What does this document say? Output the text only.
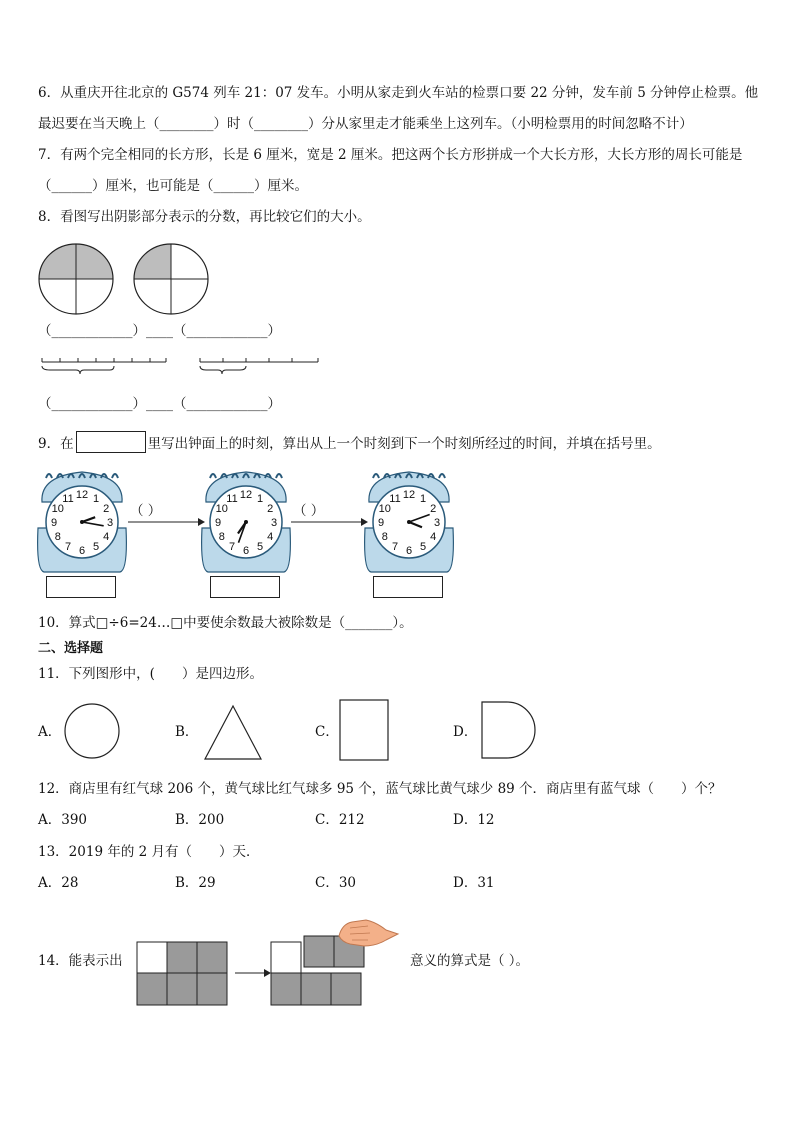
6．从重庆开往北京的 G574 列车 21：07 发车。小明从家走到火车站的检票口要 22 分钟，发车前 5 分钟停止检票。他
最迟要在当天晚上（________）时（________）分从家里走才能乘坐上这列车。（小明检票用的时间忽略不计）
7．有两个完全相同的长方形，长是 6 厘米，宽是 2 厘米。把这两个长方形拼成一个大长方形，大长方形的周长可能是
（______）厘米，也可能是（______）厘米。
8．看图写出阴影部分表示的分数，再比较它们的大小。
（____________）____（____________）
（____________）____（____________）
9．在	里写出钟面上的时刻，算出从上一个时刻到下一个时刻所经过的时间，并填在括号里。
12 1
2
3
4
5
6
7
8
9
10
11	12 1
2
3
4
5
6
7
8
9
10
11	12 1
2
3
4
5
6
7
8
9
10
11
（ ）	（ ）
10．算式□÷6=24…□中要使余数最大被除数是（_______）。
二、选择题
11．下列图形中，(　　）是四边形。
A．	B．	C．	D．
12．商店里有红气球 206 个，黄气球比红气球多 95 个，蓝气球比黄气球少 89 个．商店里有蓝气球（　　）个？
A．390	B．200	C．212	D．12
13．2019 年的 2 月有（　　）天．
A．28	B．29	C．30	D．31
14．能表示出	意义的算式是（ ）。
